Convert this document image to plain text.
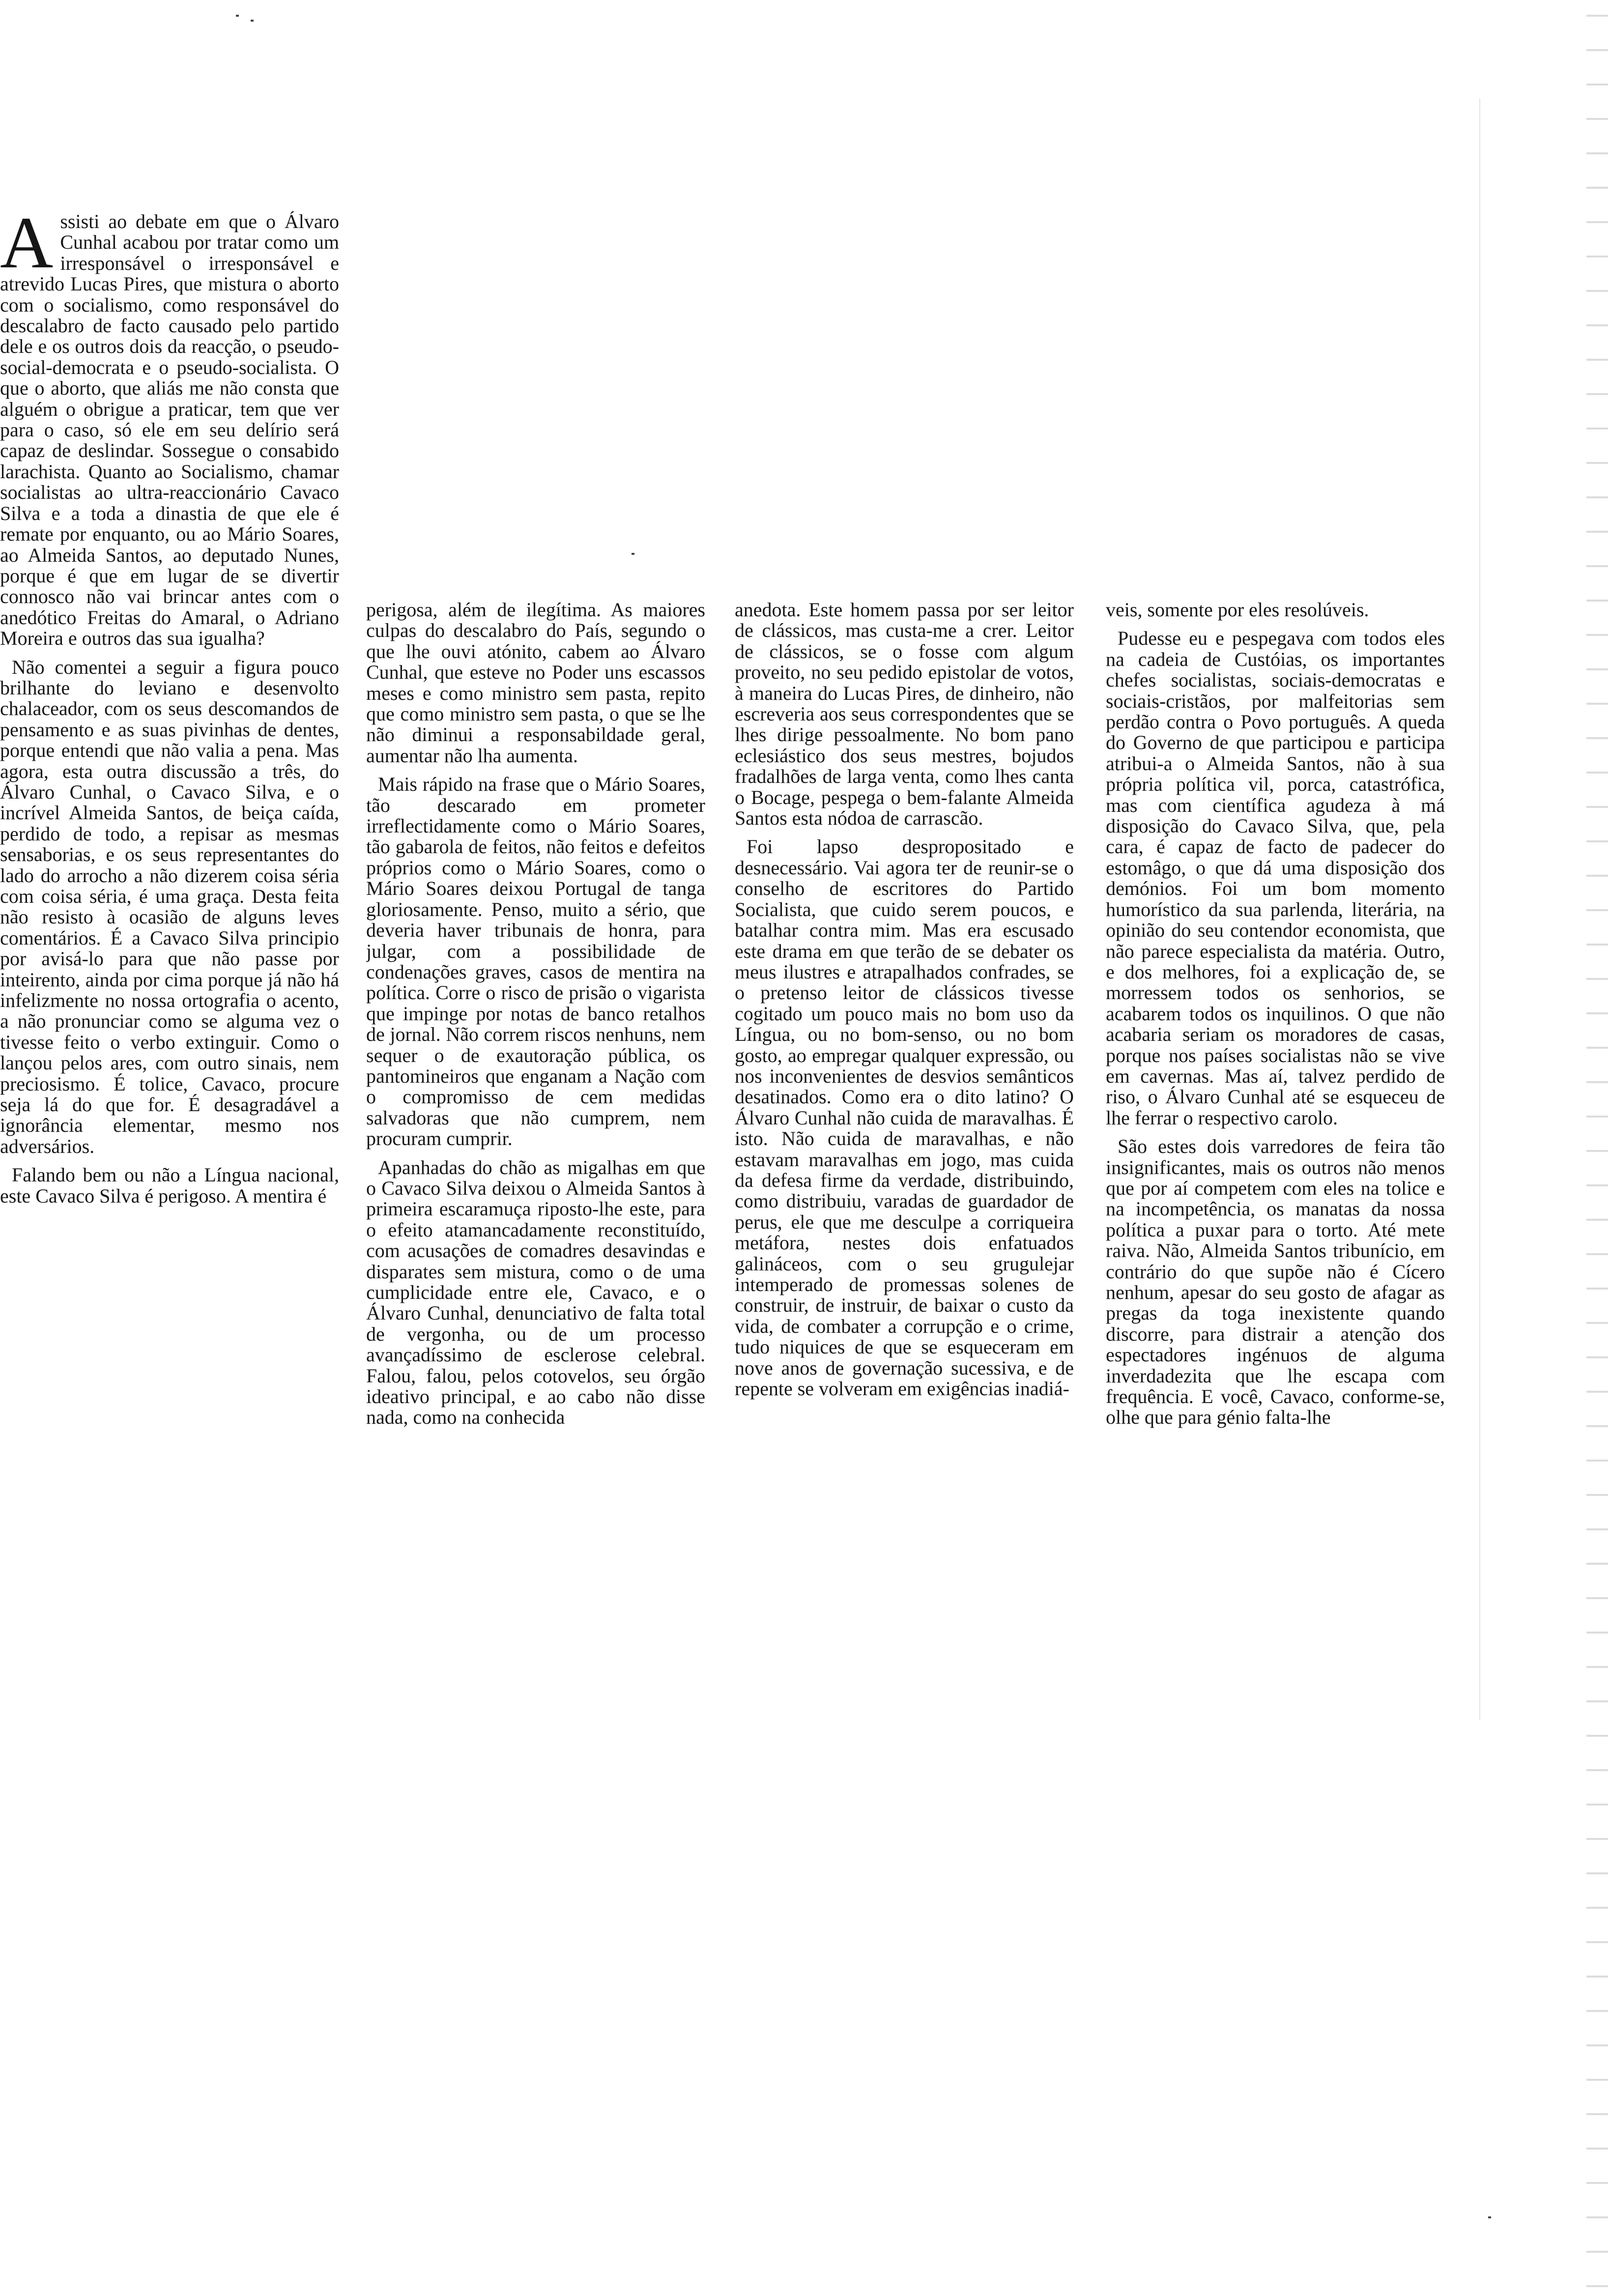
A ssisti ao debate em que o Álvaro Cunhal acabou por tratar como um irresponsável o irresponsável e atrevido Lucas Pires, que mistura o aborto com o socialismo, como responsável do descalabro de facto causado pelo partido dele e os outros dois da reacção, o pseudo-social-democrata e o pseudo-socialista. O que o aborto, que aliás me não consta que alguém o obrigue a praticar, tem que ver para o caso, só ele em seu delírio será capaz de deslindar. Sossegue o consabido larachista. Quanto ao Socialismo, chamar socialistas ao ultra-reaccionário Cavaco Silva e a toda a dinastia de que ele é remate por enquanto, ou ao Mário Soares, ao Almeida Santos, ao deputado Nunes, porque é que em lugar de se divertir connosco não vai brincar antes com o anedótico Freitas do Amaral, o Adriano Moreira e outros das sua igualha?

Não comentei a seguir a figura pouco brilhante do leviano e desenvolto chalaceador, com os seus descomandos de pensamento e as suas pivinhas de dentes, porque entendi que não valia a pena. Mas agora, esta outra discussão a três, do Álvaro Cunhal, o Cavaco Silva, e o incrível Almeida Santos, de beiça caída, perdido de todo, a repisar as mesmas sensaborias, e os seus representantes do lado do arrocho a não dizerem coisa séria com coisa séria, é uma graça. Desta feita não resisto à ocasião de alguns leves comentários. É a Cavaco Silva principio por avisá-lo para que não passe por inteirento, ainda por cima porque já não há infelizmente no nossa ortografia o acento, a não pronunciar como se alguma vez o tivesse feito o verbo extinguir. Como o lançou pelos ares, com outro sinais, nem preciosismo. É tolice, Cavaco, procure seja lá do que for. É desagradável a ignorância elementar, mesmo nos adversários.

Falando bem ou não a Língua nacional, este Cavaco Silva é perigoso. A mentira é

perigosa, além de ilegítima. As maiores culpas do descalabro do País, segundo o que lhe ouvi atónito, cabem ao Álvaro Cunhal, que esteve no Poder uns escassos meses e como ministro sem pasta, repito que como ministro sem pasta, o que se lhe não diminui a responsabildade geral, aumentar não lha aumenta.

Mais rápido na frase que o Mário Soares, tão descarado em prometer irreflectidamente como o Mário Soares, tão gabarola de feitos, não feitos e defeitos próprios como o Mário Soares, como o Mário Soares deixou Portugal de tanga gloriosamente. Penso, muito a sério, que deveria haver tribunais de honra, para julgar, com a possibilidade de condenações graves, casos de mentira na política. Corre o risco de prisão o vigarista que impinge por notas de banco retalhos de jornal. Não correm riscos nenhuns, nem sequer o de exautoração pública, os pantomineiros que enganam a Nação com o compromisso de cem medidas salvadoras que não cumprem, nem procuram cumprir.

Apanhadas do chão as migalhas em que o Cavaco Silva deixou o Almeida Santos à primeira escaramuça riposto-lhe este, para o efeito atamancadamente reconstituído, com acusações de comadres desavindas e disparates sem mistura, como o de uma cumplicidade entre ele, Cavaco, e o Álvaro Cunhal, denunciativo de falta total de vergonha, ou de um processo avançadíssimo de esclerose celebral. Falou, falou, pelos cotovelos, seu órgão ideativo principal, e ao cabo não disse nada, como na conhecida

anedota. Este homem passa por ser leitor de clássicos, mas custa-me a crer. Leitor de clássicos, se o fosse com algum proveito, no seu pedido epistolar de votos, à maneira do Lucas Pires, de dinheiro, não escreveria aos seus correspondentes que se lhes dirige pessoalmente. No bom pano eclesiástico dos seus mestres, bojudos fradalhões de larga venta, como lhes canta o Bocage, pespega o bem-falante Almeida Santos esta nódoa de carrascão.

Foi lapso despropositado e desnecessário. Vai agora ter de reunir-se o conselho de escritores do Partido Socialista, que cuido serem poucos, e batalhar contra mim. Mas era escusado este drama em que terão de se debater os meus ilustres e atrapalhados confrades, se o pretenso leitor de clássicos tivesse cogitado um pouco mais no bom uso da Língua, ou no bom-senso, ou no bom gosto, ao empregar qualquer expressão, ou nos inconvenientes de desvios semânticos desatinados. Como era o dito latino? O Álvaro Cunhal não cuida de maravalhas. É isto. Não cuida de maravalhas, e não estavam maravalhas em jogo, mas cuida da defesa firme da verdade, distribuindo, como distribuiu, varadas de guardador de perus, ele que me desculpe a corriqueira metáfora, nestes dois enfatuados galináceos, com o seu grugulejar intemperado de promessas solenes de construir, de instruir, de baixar o custo da vida, de combater a corrupção e o crime, tudo niquices de que se esqueceram em nove anos de governação sucessiva, e de repente se volveram em exigências inadiá-

veis, somente por eles resolúveis.

Pudesse eu e pespegava com todos eles na cadeia de Custóias, os importantes chefes socialistas, sociais-democratas e sociais-cristãos, por malfeitorias sem perdão contra o Povo português. A queda do Governo de que participou e participa atribui-a o Almeida Santos, não à sua própria política vil, porca, catastrófica, mas com científica agudeza à má disposição do Cavaco Silva, que, pela cara, é capaz de facto de padecer do estomâgo, o que dá uma disposição dos demónios. Foi um bom momento humorístico da sua parlenda, literária, na opinião do seu contendor economista, que não parece especialista da matéria. Outro, e dos melhores, foi a explicação de, se morressem todos os senhorios, se acabarem todos os inquilinos. O que não acabaria seriam os moradores de casas, porque nos países socialistas não se vive em cavernas. Mas aí, talvez perdido de riso, o Álvaro Cunhal até se esqueceu de lhe ferrar o respectivo carolo.

São estes dois varredores de feira tão insignificantes, mais os outros não menos que por aí competem com eles na tolice e na incompetência, os manatas da nossa política a puxar para o torto. Até mete raiva. Não, Almeida Santos tribunício, em contrário do que supõe não é Cícero nenhum, apesar do seu gosto de afagar as pregas da toga inexistente quando discorre, para distrair a atenção dos espectadores ingénuos de alguma inverdadezita que lhe escapa com frequência. E você, Cavaco, conforme-se, olhe que para génio falta-lhe
